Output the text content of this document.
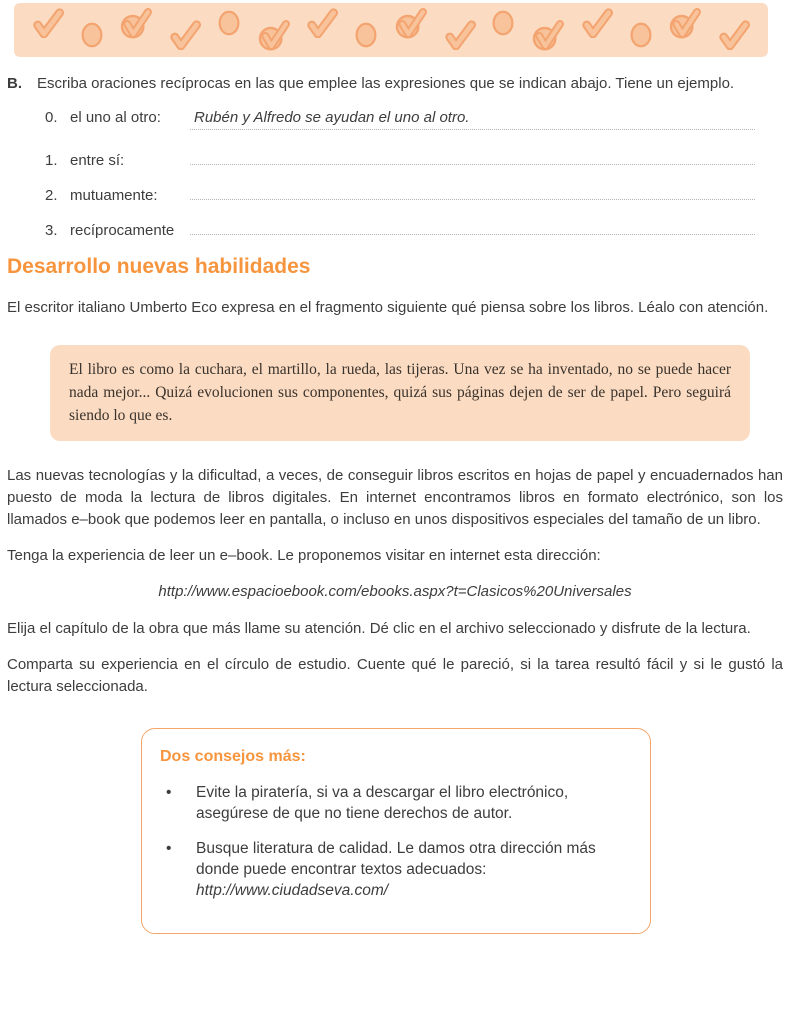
B.	Escriba oraciones recíprocas en las que emplee las expresiones que se indican abajo. Tiene un ejemplo.
0. el uno al otro:	Rubén y Alfredo se ayudan el uno al otro.
1. entre sí:
2. mutuamente:
3. recíprocamente
Desarrollo nuevas habilidades
El escritor italiano Umberto Eco expresa en el fragmento siguiente qué piensa sobre los libros. Léalo con atención.
El libro es como la cuchara, el martillo, la rueda, las tijeras. Una vez se ha inventado, no se puede hacer nada mejor... Quizá evolucionen sus componentes, quizá sus páginas dejen de ser de papel. Pero seguirá siendo lo que es.
Las nuevas tecnologías y la dificultad, a veces, de conseguir libros escritos en hojas de papel y encuadernados han puesto de moda la lectura de libros digitales. En internet encontramos libros en formato electrónico, son los llamados e–book que podemos leer en pantalla, o incluso en unos dispositivos especiales del tamaño de un libro.
Tenga la experiencia de leer un e–book. Le proponemos visitar en internet esta dirección:
http://www.espacioebook.com/ebooks.aspx?t=Clasicos%20Universales
Elija el capítulo de la obra que más llame su atención. Dé clic en el archivo seleccionado y disfrute de la lectura.
Comparta su experiencia en el círculo de estudio. Cuente qué le pareció, si la tarea resultó fácil y si le gustó la lectura seleccionada.
Dos consejos más:
•	Evite la piratería, si va a descargar el libro electrónico, asegúrese de que no tiene derechos de autor.
•	Busque literatura de calidad. Le damos otra dirección más donde puede encontrar textos adecuados:
http://www.ciudadseva.com/
